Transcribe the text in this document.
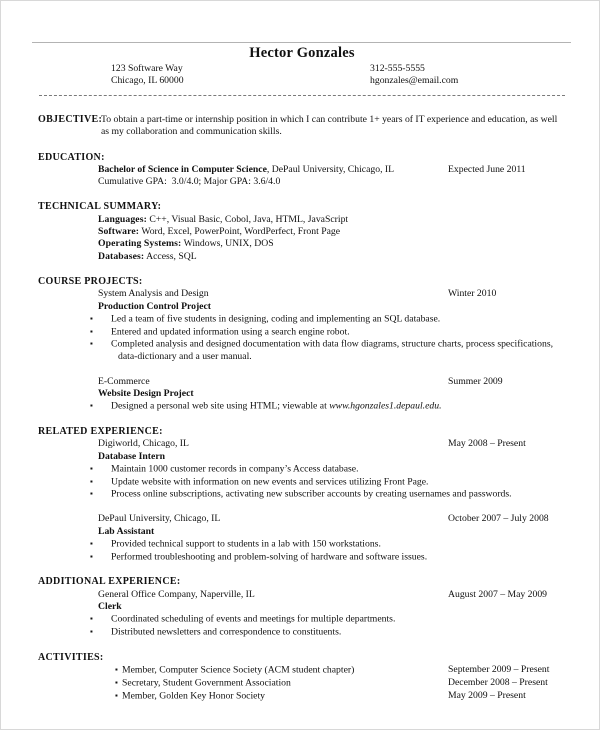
Hector Gonzales
123 Software Way
Chicago, IL 60000
312-555-5555
hgonzales@email.com
OBJECTIVE:
To obtain a part-time or internship position in which I can contribute 1+ years of IT experience and education, as well as my collaboration and communication skills.
EDUCATION:
Bachelor of Science in Computer Science, DePaul University, Chicago, IL	Expected June 2011
Cumulative GPA:  3.0/4.0; Major GPA: 3.6/4.0
TECHNICAL SUMMARY:
Languages: C++, Visual Basic, Cobol, Java, HTML, JavaScript
Software: Word, Excel, PowerPoint, WordPerfect, Front Page
Operating Systems: Windows, UNIX, DOS
Databases: Access, SQL
COURSE PROJECTS:
System Analysis and Design	Winter 2010
Production Control Project
▪ Led a team of five students in designing, coding and implementing an SQL database.
▪ Entered and updated information using a search engine robot.
▪ Completed analysis and designed documentation with data flow diagrams, structure charts, process specifications, data-dictionary and a user manual.
E-Commerce	Summer 2009
Website Design Project
▪ Designed a personal web site using HTML; viewable at www.hgonzales1.depaul.edu.
RELATED EXPERIENCE:
Digiworld, Chicago, IL	May 2008 – Present
Database Intern
▪ Maintain 1000 customer records in company’s Access database.
▪ Update website with information on new events and services utilizing Front Page.
▪ Process online subscriptions, activating new subscriber accounts by creating usernames and passwords.
DePaul University, Chicago, IL	October 2007 – July 2008
Lab Assistant
▪ Provided technical support to students in a lab with 150 workstations.
▪ Performed troubleshooting and problem-solving of hardware and software issues.
ADDITIONAL EXPERIENCE:
General Office Company, Naperville, IL	August 2007 – May 2009
Clerk
▪ Coordinated scheduling of events and meetings for multiple departments.
▪ Distributed newsletters and correspondence to constituents.
ACTIVITIES:
▪ Member, Computer Science Society (ACM student chapter)	September 2009 – Present
▪ Secretary, Student Government Association	December 2008 – Present
▪ Member, Golden Key Honor Society	May 2009 – Present
